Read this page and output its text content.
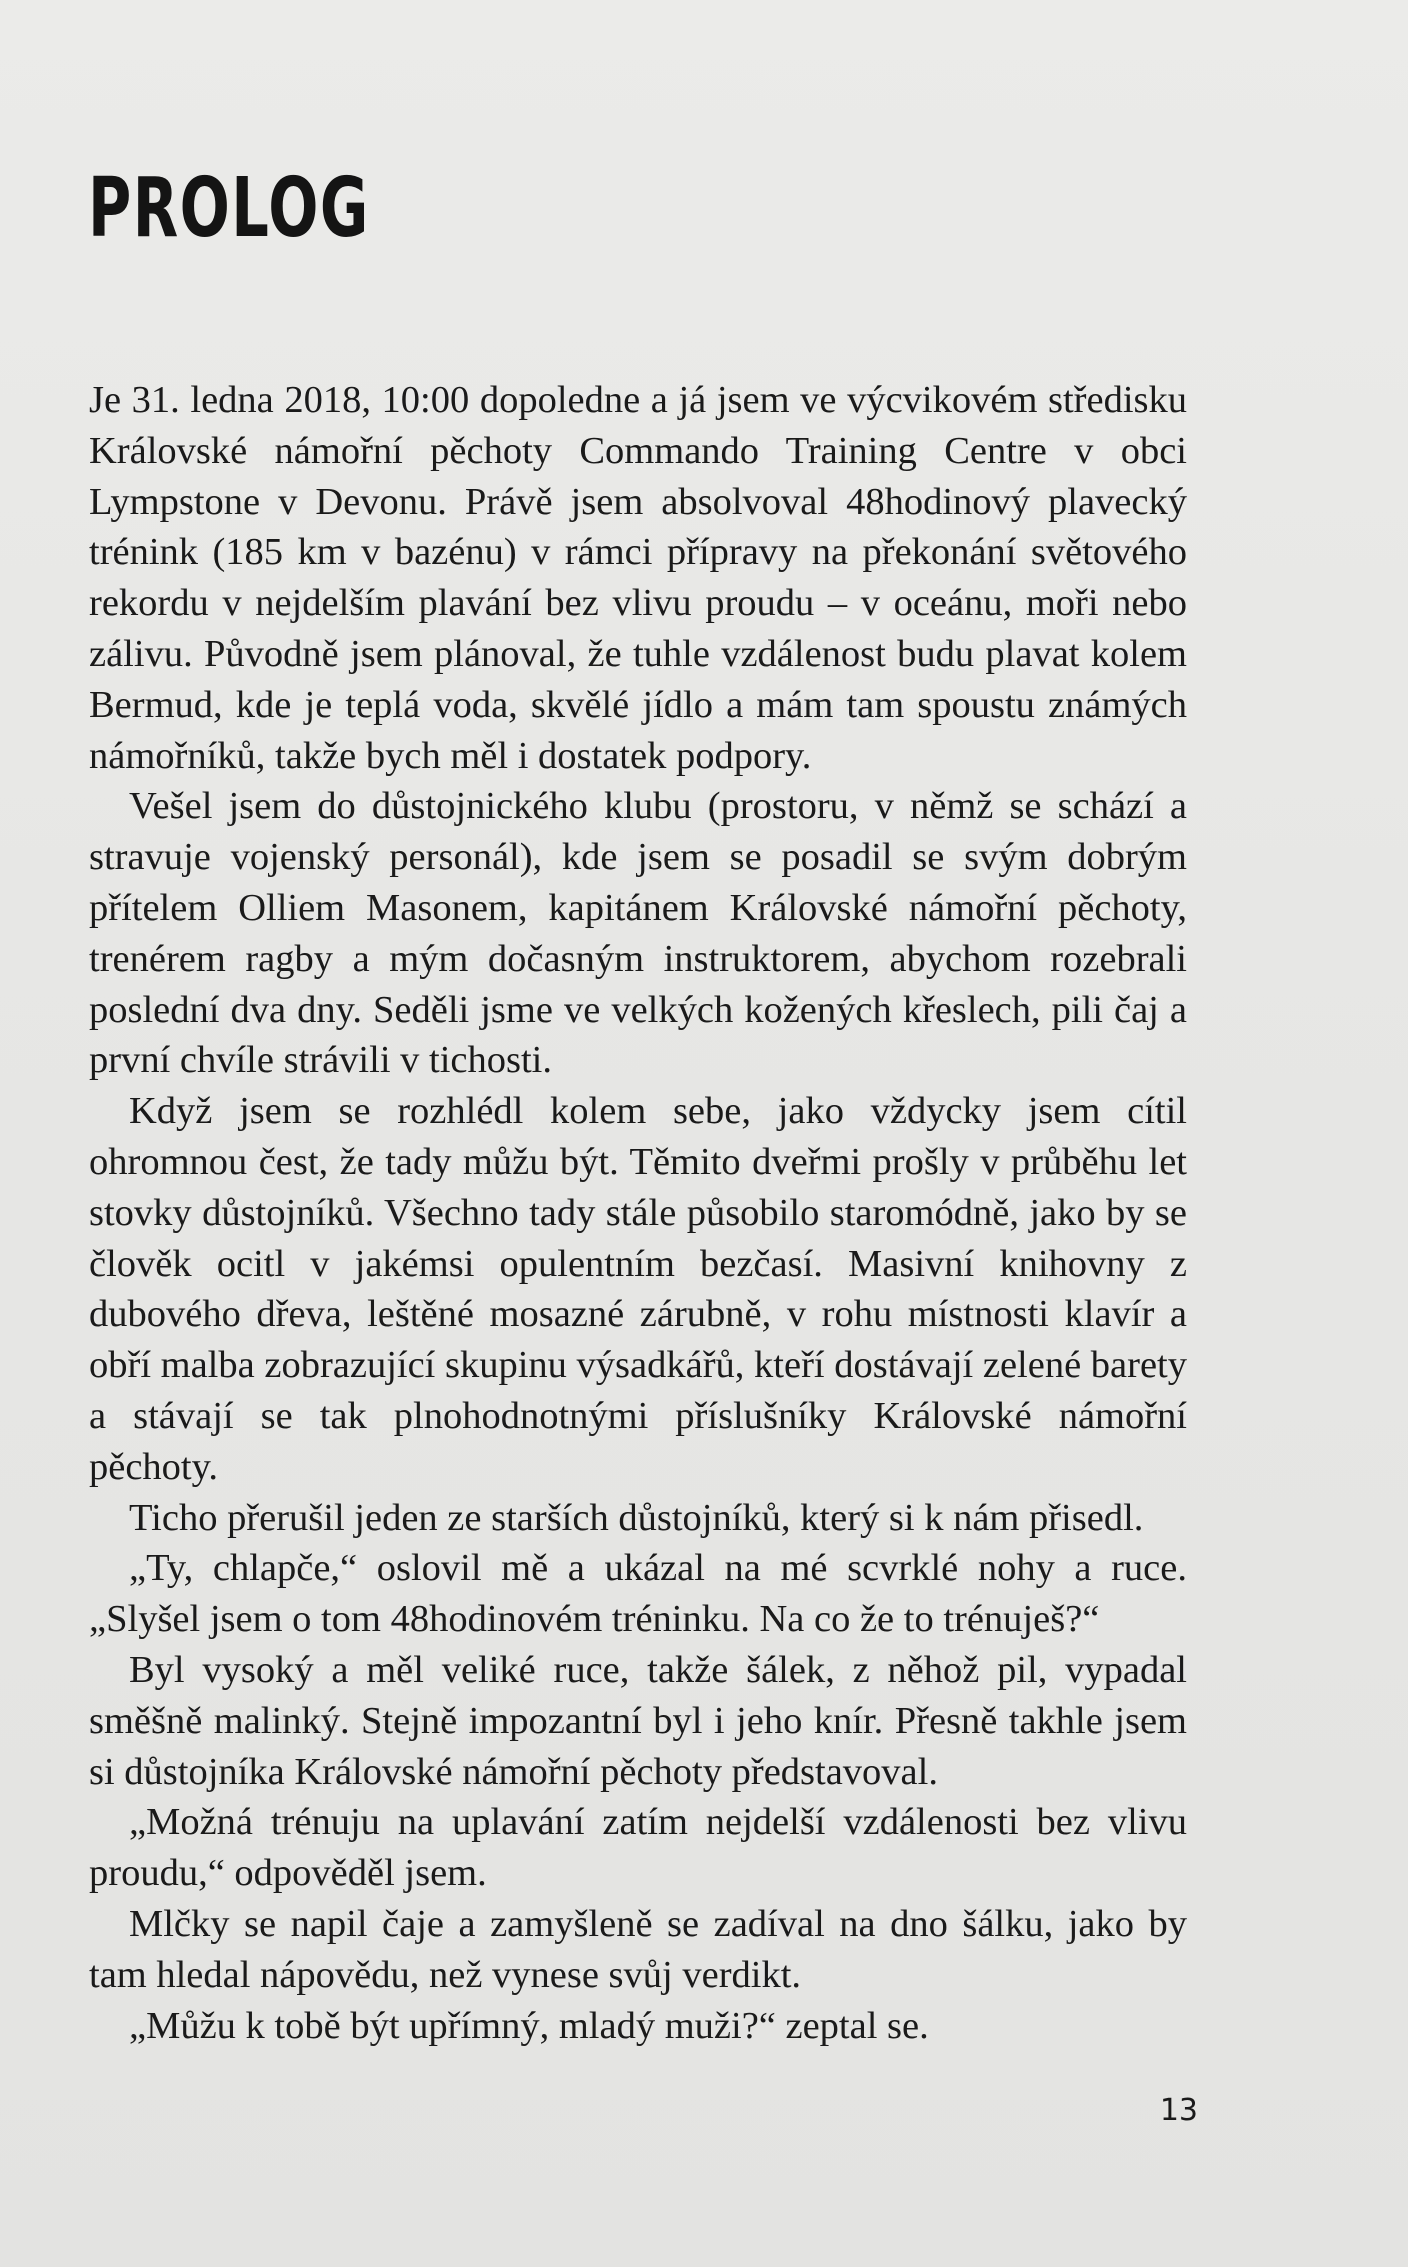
PROLOG

Je 31. ledna 2018, 10:00 dopoledne a já jsem ve výcvikovém středisku Královské námořní pěchoty Commando Training Centre v obci Lympstone v Devonu. Právě jsem absolvoval 48hodinový plavecký trénink (185 km v bazénu) v rámci přípravy na překonání světového rekordu v nejdelším plavání bez vlivu proudu – v oceánu, moři nebo zálivu. Původně jsem plánoval, že tuhle vzdálenost budu plavat kolem Bermud, kde je teplá voda, skvělé jídlo a mám tam spoustu známých námořníků, takže bych měl i dostatek podpory.

Vešel jsem do důstojnického klubu (prostoru, v němž se schází a stravuje vojenský personál), kde jsem se posadil se svým dobrým přítelem Olliem Masonem, kapitánem Královské námořní pěchoty, trenérem ragby a mým dočasným instruktorem, abychom rozebrali poslední dva dny. Seděli jsme ve velkých kožených křeslech, pili čaj a první chvíle strávili v tichosti.

Když jsem se rozhlédl kolem sebe, jako vždycky jsem cítil ohromnou čest, že tady můžu být. Těmito dveřmi prošly v průběhu let stovky důstojníků. Všechno tady stále působilo staromódně, jako by se člověk ocitl v jakémsi opulentním bezčasí. Masivní knihovny z dubového dřeva, leštěné mosazné zárubně, v rohu místnosti klavír a obří malba zobrazující skupinu výsadkářů, kteří dostávají zelené barety a stávají se tak plnohodnotnými příslušníky Královské námořní pěchoty.

Ticho přerušil jeden ze starších důstojníků, který si k nám přisedl.

„Ty, chlapče,“ oslovil mě a ukázal na mé scvrklé nohy a ruce. „Slyšel jsem o tom 48hodinovém tréninku. Na co že to trénuješ?“

Byl vysoký a měl veliké ruce, takže šálek, z něhož pil, vypadal směšně malinký. Stejně impozantní byl i jeho knír. Přesně takhle jsem si důstojníka Královské námořní pěchoty představoval.

„Možná trénuju na uplavání zatím nejdelší vzdálenosti bez vlivu proudu,“ odpověděl jsem.

Mlčky se napil čaje a zamyšleně se zadíval na dno šálku, jako by tam hledal nápovědu, než vynese svůj verdikt.

„Můžu k tobě být upřímný, mladý muži?“ zeptal se.

13
